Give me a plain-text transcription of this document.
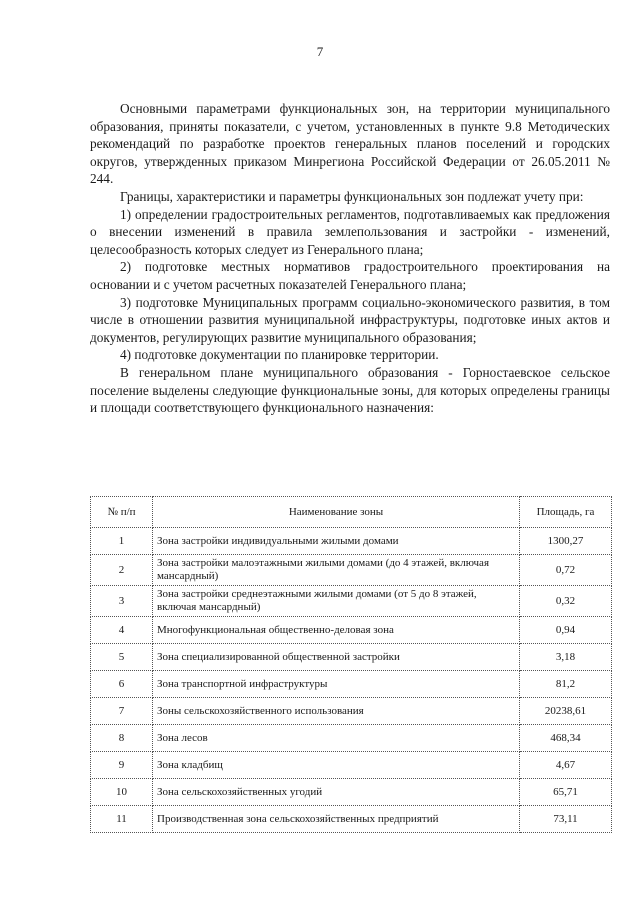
7

Основными параметрами функциональных зон, на территории муниципального образования, приняты показатели, с учетом, установленных в пункте 9.8 Методических рекомендаций по разработке проектов генеральных планов поселений и городских округов, утвержденных приказом Минрегиона Российской Федерации от 26.05.2011 № 244.

Границы, характеристики и параметры функциональных зон подлежат учету при:

1) определении градостроительных регламентов, подготавливаемых как предложения о внесении изменений в правила землепользования и застройки - изменений, целесообразность которых следует из Генерального плана;

2) подготовке местных нормативов градостроительного проектирования на основании и с учетом расчетных показателей Генерального плана;

3) подготовке Муниципальных программ социально-экономического развития, в том числе в отношении развития муниципальной инфраструктуры, подготовке иных актов и документов, регулирующих развитие муниципального образования;

4) подготовке документации по планировке территории.

В генеральном плане муниципального образования - Горностаевское сельское поселение выделены следующие функциональные зоны, для которых определены границы и площади соответствующего функционального назначения:

№ п/п	Наименование зоны	Площадь, га
1	Зона застройки индивидуальными жилыми домами	1300,27
2	Зона застройки малоэтажными жилыми домами (до 4 этажей, включая мансардный)	0,72
3	Зона застройки среднеэтажными жилыми домами (от 5 до 8 этажей, включая мансардный)	0,32
4	Многофункциональная общественно-деловая зона	0,94
5	Зона специализированной общественной застройки	3,18
6	Зона транспортной инфраструктуры	81,2
7	Зоны сельскохозяйственного использования	20238,61
8	Зона лесов	468,34
9	Зона кладбищ	4,67
10	Зона сельскохозяйственных угодий	65,71
11	Производственная зона сельскохозяйственных предприятий	73,11
